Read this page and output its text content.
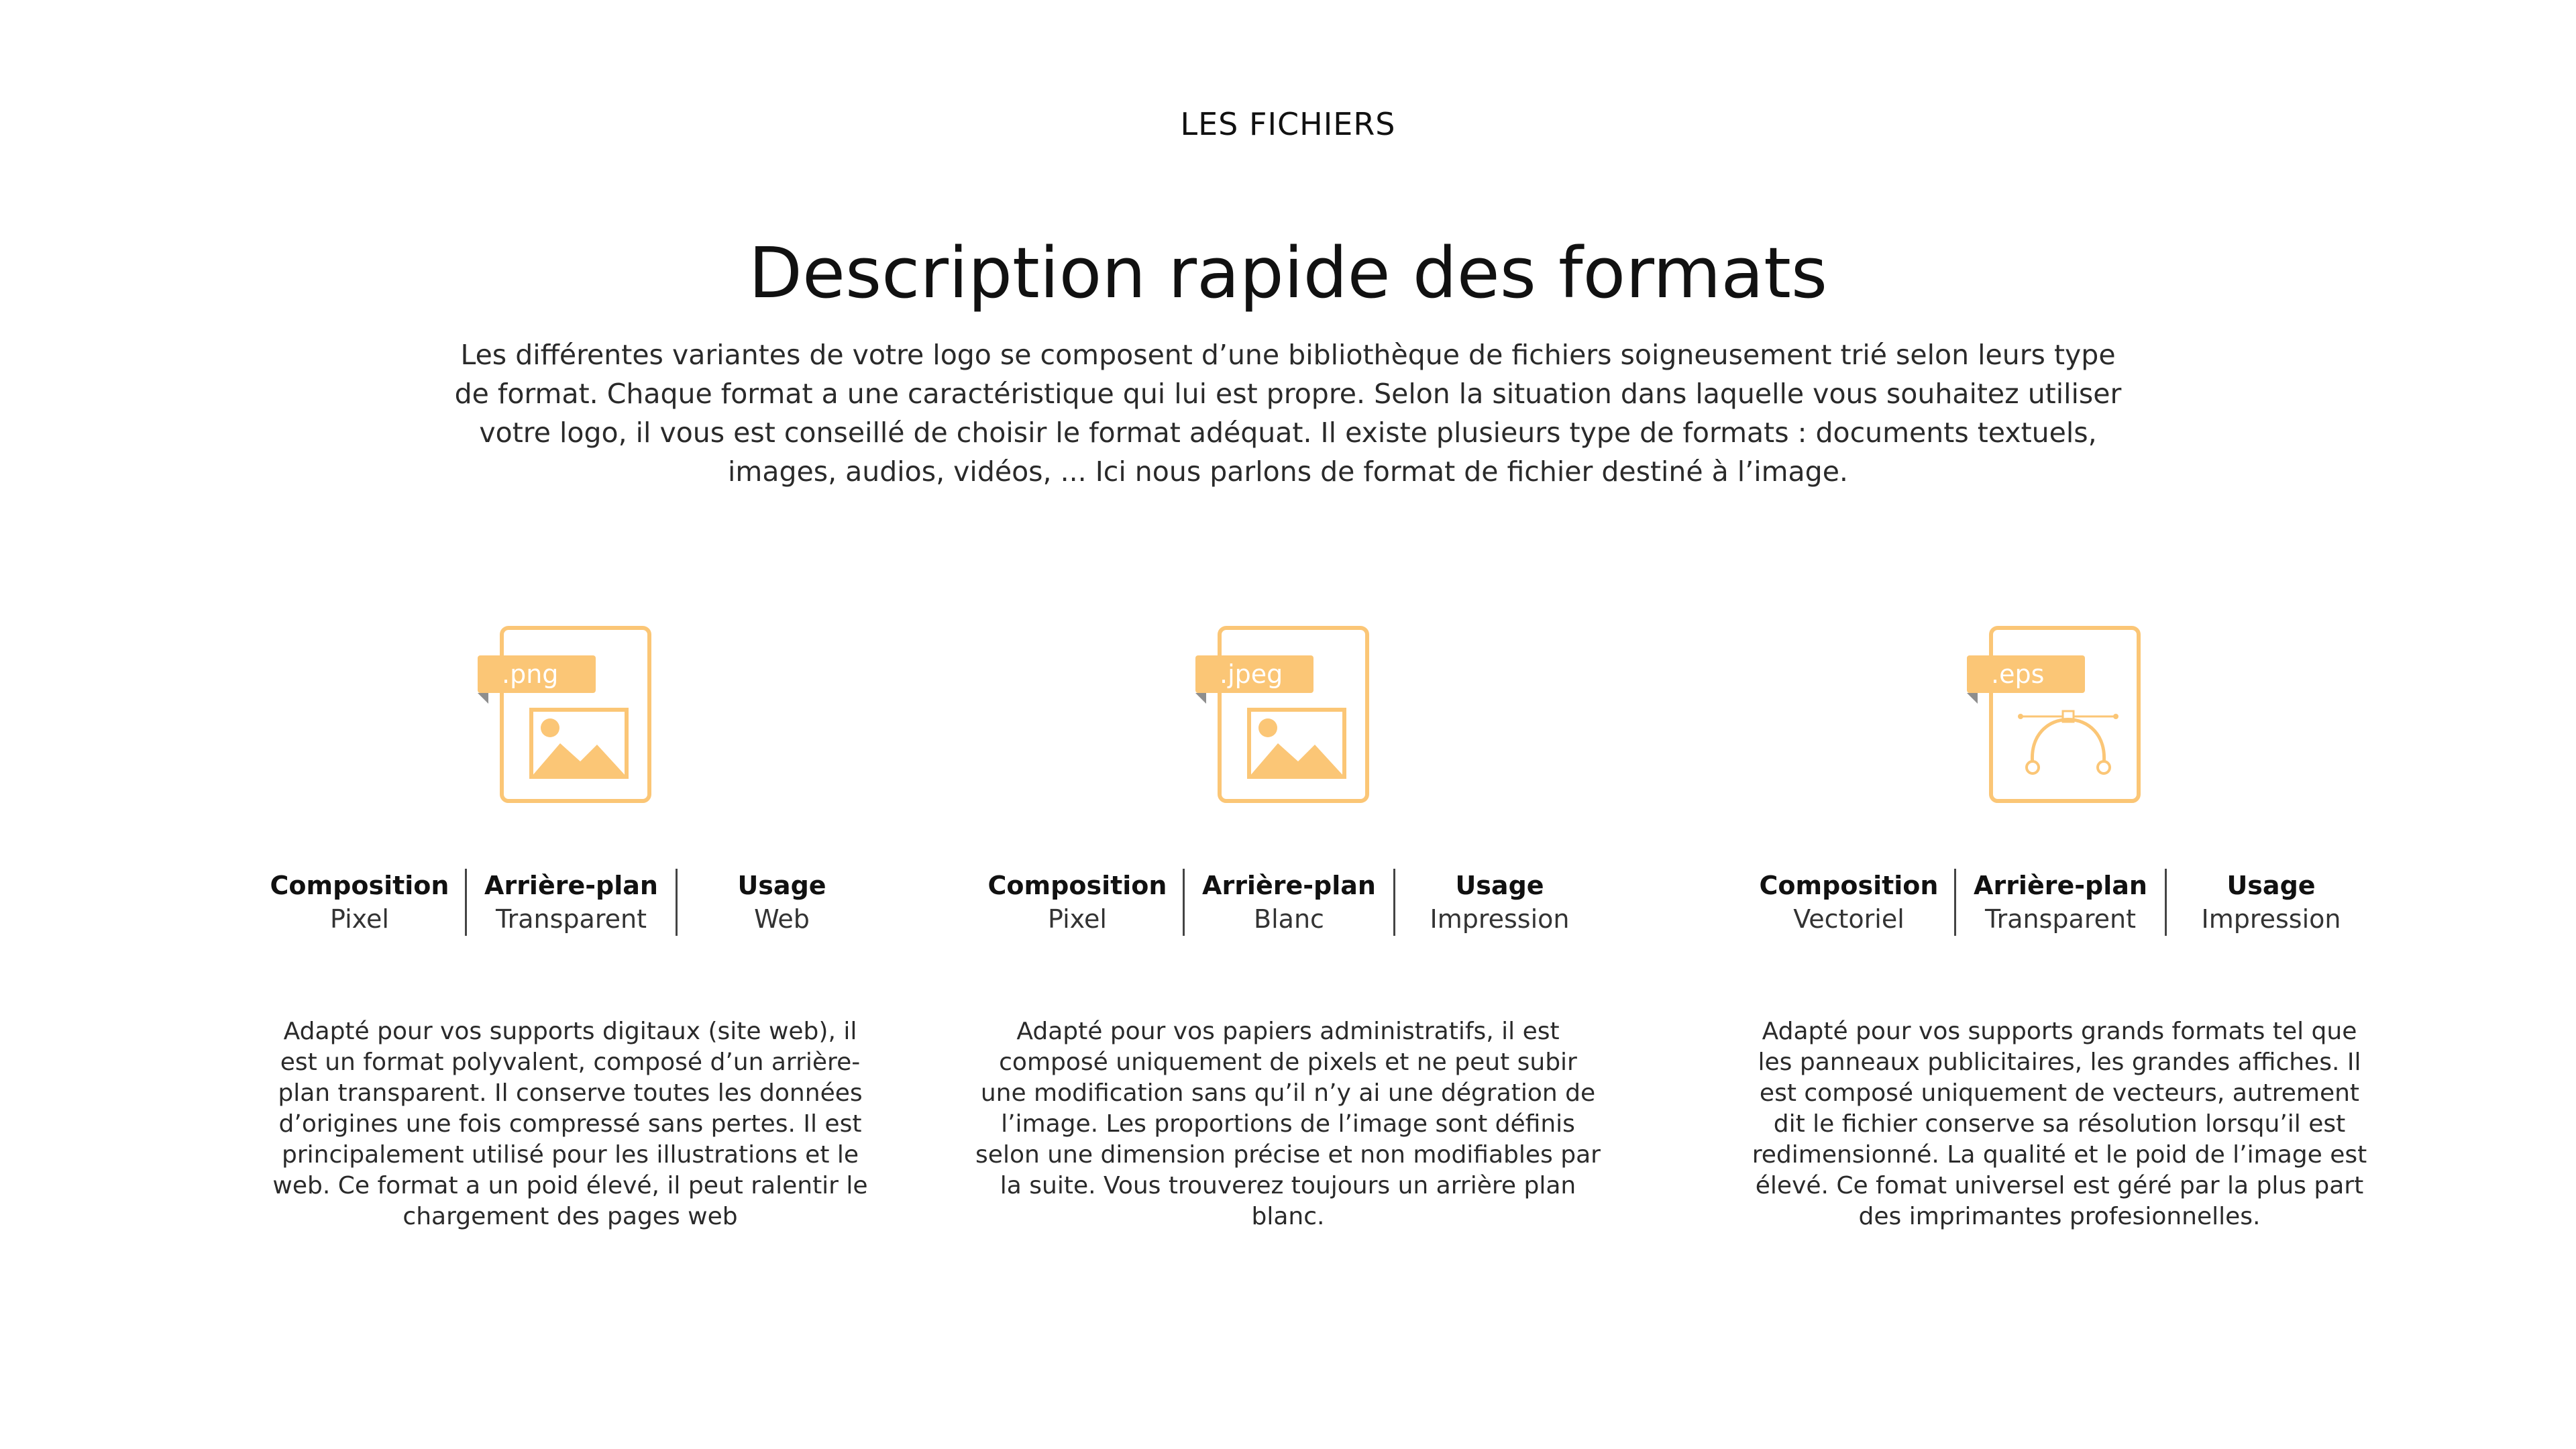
LES FICHIERS
Description rapide des formats

Les différentes variantes de votre logo se composent d’une bibliothèque de fichiers soigneusement trié selon leurs type de format. Chaque format a une caractéristique qui lui est propre. Selon la situation dans laquelle vous souhaitez utiliser votre logo, il vous est conseillé de choisir le format adéquat. Il existe plusieurs type de formats : documents textuels, images, audios, vidéos, ... Ici nous parlons de format de fichier destiné à l’image.

.png
Composition
Pixel
Arrière-plan
Transparent
Usage
Web
Adapté pour vos supports digitaux (site web), il est un format polyvalent, composé d’un arrière-plan transparent. Il conserve toutes les données d’origines une fois compressé sans pertes. Il est principalement utilisé pour les illustrations et le web. Ce format a un poid élevé, il peut ralentir le chargement des pages web
.jpeg
Composition
Pixel
Arrière-plan
Blanc
Usage
Impression
Adapté pour vos papiers administratifs, il est composé uniquement de pixels et ne peut subir une modification sans qu’il n’y ai une dégration de l’image. Les proportions de l’image sont définis selon une dimension précise et non modifiables par la suite. Vous trouverez toujours un arrière plan blanc.
.eps
Composition
Vectoriel
Arrière-plan
Transparent
Usage
Impression
Adapté pour vos supports grands formats tel que les panneaux publicitaires, les grandes affiches. Il est composé uniquement de vecteurs, autrement dit le fichier conserve sa résolution lorsqu’il est redimensionné. La qualité et le poid de l’image est élevé. Ce fomat universel est géré par la plus part des imprimantes profesionnelles.
